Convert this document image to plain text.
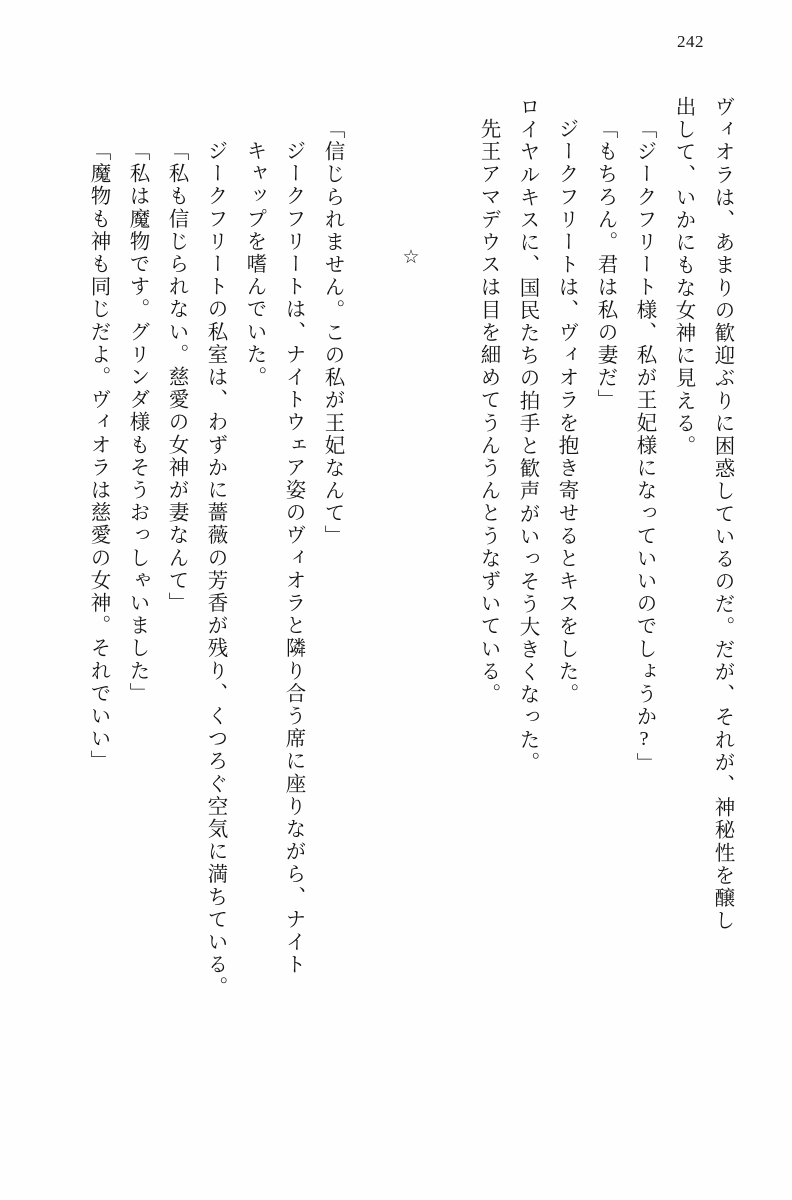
242
ヴィオラは、あまりの歓迎ぶりに困惑しているのだ。だが、それが、神秘性を醸し
出して、いかにもな女神に見える。
「ジークフリート様、私が王妃様になっていいのでしょうか?」
「もちろん。君は私の妻だ」
ジークフリートは、ヴィオラを抱き寄せるとキスをした。
ロイヤルキスに、国民たちの拍手と歓声がいっそう大きくなった。
先王アマデウスは目を細めてうんうんとうなずいている。
☆
「信じられません。この私が王妃なんて」
ジークフリートは、ナイトウェア姿のヴィオラと隣り合う席に座りながら、ナイト
キャップを嗜んでいた。
ジークフリートの私室は、わずかに薔薇の芳香が残り、くつろぐ空気に満ちている。
「私も信じられない。慈愛の女神が妻なんて」
「私は魔物です。グリンダ様もそうおっしゃいました」
「魔物も神も同じだよ。ヴィオラは慈愛の女神。それでいい」
